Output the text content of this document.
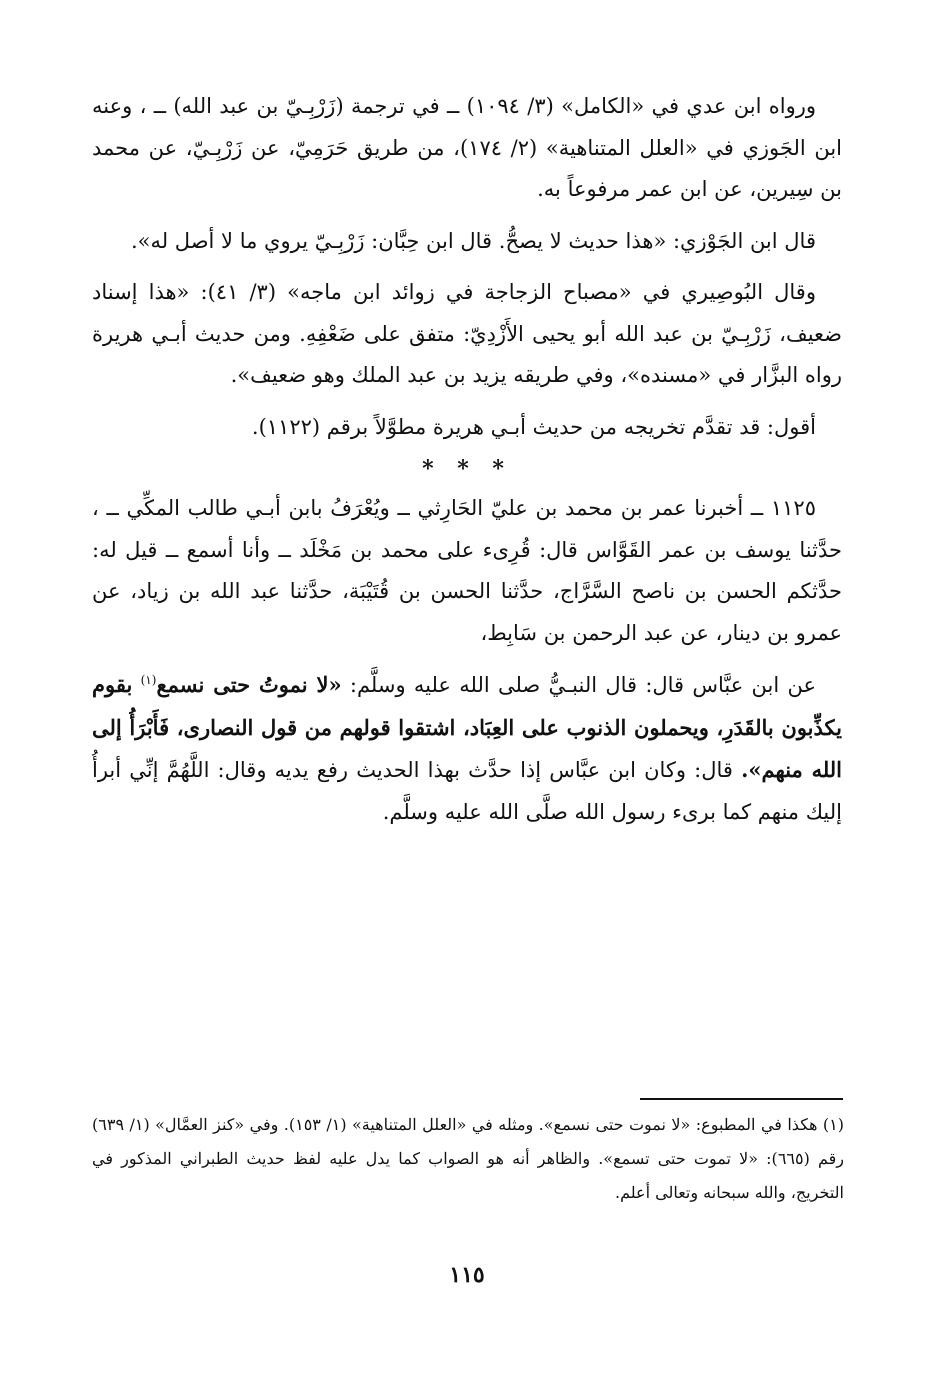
ورواه ابن عدي في «الكامل» (٣/ ١٠٩٤) ــ في ترجمة (زَرْبِـيّ بن عبد الله) ــ ، وعنه ابن الجَوزي في «العلل المتناهية» (٢/ ١٧٤)، من طريق حَرَمِيّ، عن زَرْبِـيّ، عن محمد بن سِيرين، عن ابن عمر مرفوعاً به.

قال ابن الجَوْزي: «هذا حديث لا يصحُّ. قال ابن حِبَّان: زَرْبِـيّ يروي ما لا أصل له».

وقال البُوصِيري في «مصباح الزجاجة في زوائد ابن ماجه» (٣/ ٤١): «هذا إسناد ضعيف، زَرْبِـيّ بن عبد الله أبو يحيى الأَزْدِيّ: متفق على ضَعْفِهِ. ومن حديث أبـي هريرة رواه البزَّار في «مسنده»، وفي طريقه يزيد بن عبد الملك وهو ضعيف».

أقول: قد تقدَّم تخريجه من حديث أبـي هريرة مطوَّلاً برقم (١١٢٢).

* * *

١١٢٥ ــ أخبرنا عمر بن محمد بن عليّ الحَارِثي ــ ويُعْرَفُ بابن أبـي طالب المكِّي ــ ، حدَّثنا يوسف بن عمر القَوَّاس قال: قُرِىء على محمد بن مَخْلَد ــ وأنا أسمع ــ قيل له: حدَّثكم الحسن بن ناصح السَّرَّاج، حدَّثنا الحسن بن قُتَيْبَة، حدَّثنا عبد الله بن زياد، عن عمرو بن دينار، عن عبد الرحمن بن سَابِط،

عن ابن عبَّاس قال: قال النبـيُّ صلى الله عليه وسلَّم: «لا نموتُ حتى نسمع$^{(١)}$ بقوم يكذِّبون بالقَدَرِ، ويحملون الذنوب على العِبَاد، اشتقوا قولهم من قول النصارى، فَأَبْرَأُ إلى الله منهم». قال: وكان ابن عبَّاس إذا حدَّث بهذا الحديث رفع يديه وقال: اللَّهُمَّ إنِّي أبرأُ إليك منهم كما برىء رسول الله صلَّى الله عليه وسلَّم.

(١) هكذا في المطبوع: «لا نموت حتى نسمع». ومثله في «العلل المتناهية» (١/ ١٥٣). وفي «كنز العمَّال» (١/ ٦٣٩) رقم (٦٦٥): «لا تموت حتى تسمع». والظاهر أنه هو الصواب كما يدل عليه لفظ حديث الطبراني المذكور في التخريج، والله سبحانه وتعالى أعلم.

١١٥
